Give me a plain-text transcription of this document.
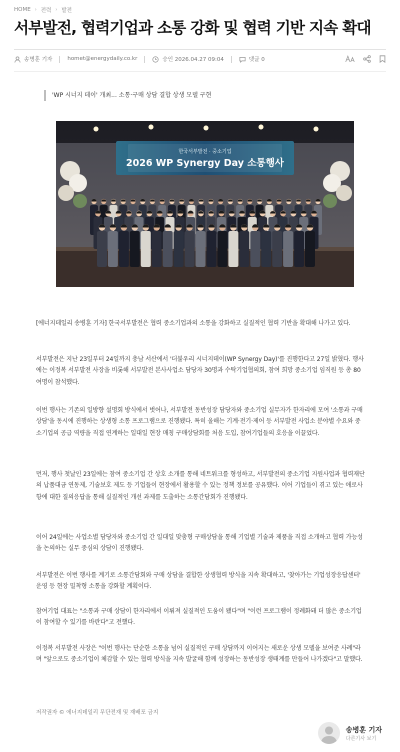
HOME › 전력 › 발전
서부발전, 협력기업과 소통 강화 및 협력 기반 지속 확대
송병훈 기자	homet@energydaily.co.kr	승인 2026.04.27 09:04	댓글 0
'WP 시너지 데이' 개최... 소통·구매 상담 결합 상생 모델 구현
한국서부발전 · 중소기업
2026 WP Synergy Day 소통행사

[에너지데일리 송병훈 기자] 한국서부발전은 협력 중소기업과의 소통을 강화하고 실질적인 협력 기반을 확대해 나가고 있다.

서부발전은 지난 23일부터 24일까지 충남 서산에서 '더불우리 시너지데이(WP Synergy Day)'를 진행한다고 27일 밝혔다. 행사에는 이정복 서부발전 사장을 비롯해 서부발전 본사사업소 담당자 30명과 수탁기업협의회, 참여 희망 중소기업 임직원 등 총 80여명이 참석했다.

이번 행사는 기존의 일방향 설명회 방식에서 벗어나, 서부발전 동반성장 담당자와 중소기업 실무자가 한자리에 모여 '소통과 구매상담'을 동시에 진행하는 상생형 소통 프로그램으로 진행됐다. 특히 올해는 기계·전기·제어 등 서부발전 사업소 분야별 수요와 중소기업의 공급 역량을 직접 연계하는 일대일 현장 매칭 구매상담회를 처음 도입, 참여기업들의 호응을 이끌었다.

먼저, 행사 첫날인 23일에는 참여 중소기업 간 상호 소개를 통해 네트워크를 형성하고, 서부발전의 중소기업 지원사업과 협력재단의 납품대금 연동제, 기술보호 제도 등 기업들이 현장에서 활용할 수 있는 정책 정보를 공유했다. 이어 기업들이 겪고 있는 애로사항에 대한 질의응답을 통해 실질적인 개선 과제를 도출하는 소통간담회가 진행됐다.

이어 24일에는 사업소별 담당자와 중소기업 간 일대일 맞춤형 구매상담을 통해 기업별 기술과 제품을 직접 소개하고 협력 가능성을 논의하는 실무 중심의 상담이 진행됐다.

서부발전은 이번 행사를 계기로 소통간담회와 구매 상담을 결합한 상생협력 방식을 지속 확대하고, '찾아가는 기업성장응답센터' 운영 등 현장 밀착형 소통을 강화할 계획이다.

참여기업 대표는 "소통과 구매 상담이 한자리에서 이뤄져 실질적인 도움이 됐다"며 "이런 프로그램이 정례화돼 더 많은 중소기업이 참여할 수 있기를 바란다"고 전했다.

이정복 서부발전 사장은 "이번 행사는 단순한 소통을 넘어 실질적인 구매 상담까지 이어지는 새로운 상생 모델을 보여준 사례"라며 "앞으로도 중소기업이 체감할 수 있는 협력 방식을 지속 발굴해 함께 성장하는 동반성장 생태계를 만들어 나가겠다"고 말했다.

저작권자 © 에너지데일리 무단전재 및 재배포 금지
송병훈 기자
다른기사 보기
